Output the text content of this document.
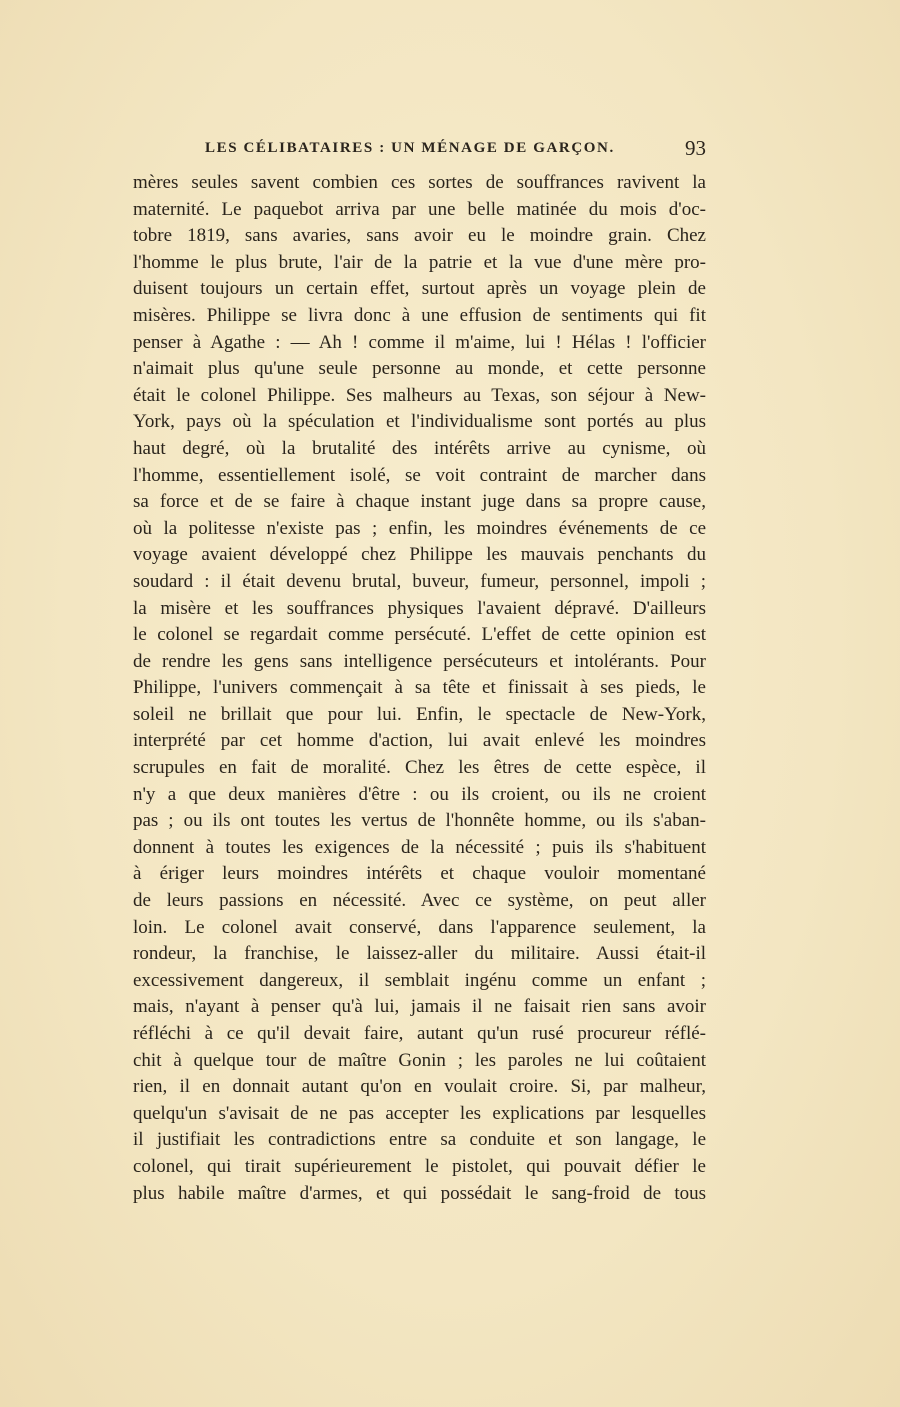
LES CÉLIBATAIRES : UN MÉNAGE DE GARÇON.	93
mères seules savent combien ces sortes de souffrances ravivent la
maternité. Le paquebot arriva par une belle matinée du mois d'oc-
tobre 1819, sans avaries, sans avoir eu le moindre grain. Chez
l'homme le plus brute, l'air de la patrie et la vue d'une mère pro-
duisent toujours un certain effet, surtout après un voyage plein de
misères. Philippe se livra donc à une effusion de sentiments qui fit
penser à Agathe : — Ah ! comme il m'aime, lui ! Hélas ! l'officier
n'aimait plus qu'une seule personne au monde, et cette personne
était le colonel Philippe. Ses malheurs au Texas, son séjour à New-
York, pays où la spéculation et l'individualisme sont portés au plus
haut degré, où la brutalité des intérêts arrive au cynisme, où
l'homme, essentiellement isolé, se voit contraint de marcher dans
sa force et de se faire à chaque instant juge dans sa propre cause,
où la politesse n'existe pas ; enfin, les moindres événements de ce
voyage avaient développé chez Philippe les mauvais penchants du
soudard : il était devenu brutal, buveur, fumeur, personnel, impoli ;
la misère et les souffrances physiques l'avaient dépravé. D'ailleurs
le colonel se regardait comme persécuté. L'effet de cette opinion est
de rendre les gens sans intelligence persécuteurs et intolérants. Pour
Philippe, l'univers commençait à sa tête et finissait à ses pieds, le
soleil ne brillait que pour lui. Enfin, le spectacle de New-York,
interprété par cet homme d'action, lui avait enlevé les moindres
scrupules en fait de moralité. Chez les êtres de cette espèce, il
n'y a que deux manières d'être : ou ils croient, ou ils ne croient
pas ; ou ils ont toutes les vertus de l'honnête homme, ou ils s'aban-
donnent à toutes les exigences de la nécessité ; puis ils s'habituent
à ériger leurs moindres intérêts et chaque vouloir momentané
de leurs passions en nécessité. Avec ce système, on peut aller
loin. Le colonel avait conservé, dans l'apparence seulement, la
rondeur, la franchise, le laissez-aller du militaire. Aussi était-il
excessivement dangereux, il semblait ingénu comme un enfant ;
mais, n'ayant à penser qu'à lui, jamais il ne faisait rien sans avoir
réfléchi à ce qu'il devait faire, autant qu'un rusé procureur réflé-
chit à quelque tour de maître Gonin ; les paroles ne lui coûtaient
rien, il en donnait autant qu'on en voulait croire. Si, par malheur,
quelqu'un s'avisait de ne pas accepter les explications par lesquelles
il justifiait les contradictions entre sa conduite et son langage, le
colonel, qui tirait supérieurement le pistolet, qui pouvait défier le
plus habile maître d'armes, et qui possédait le sang-froid de tous
